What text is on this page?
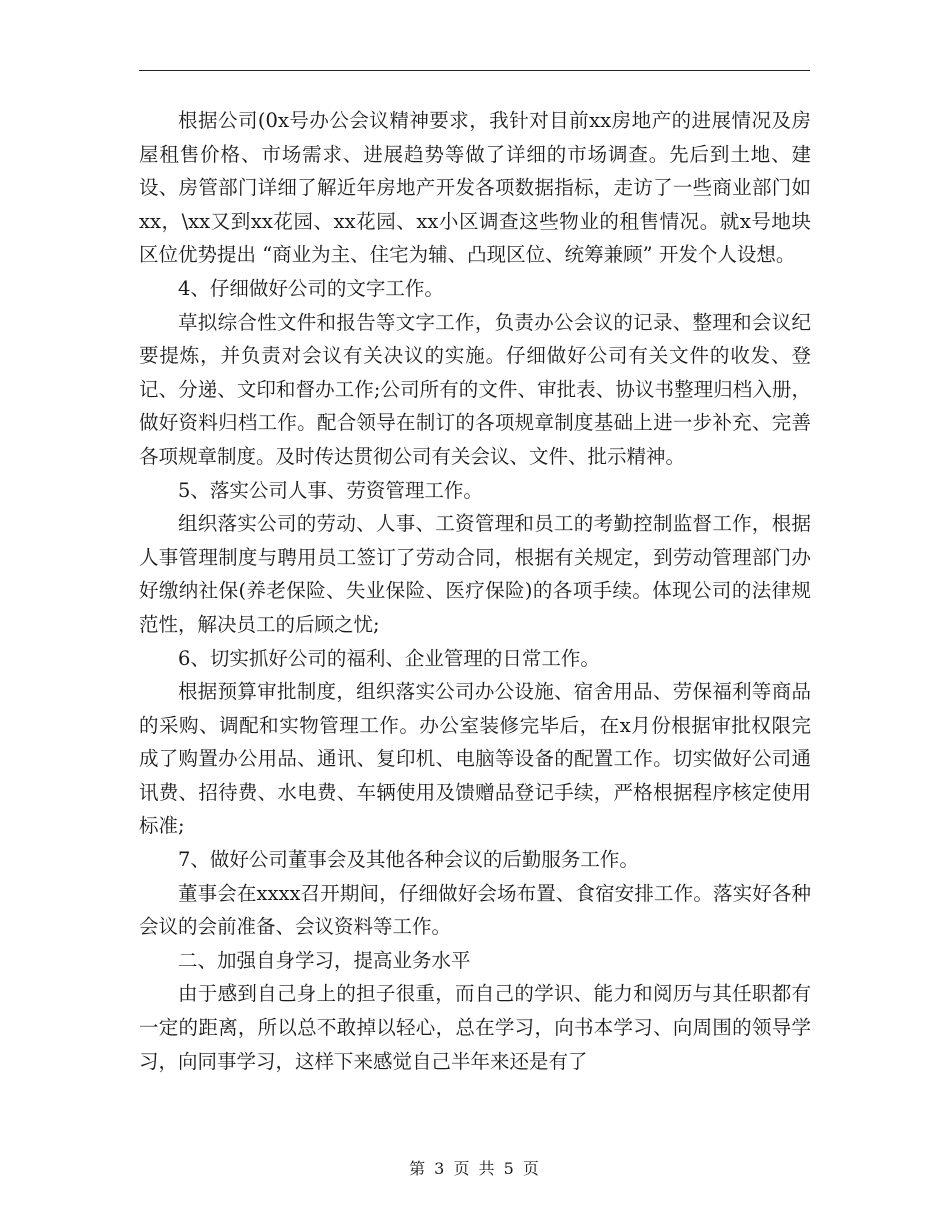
根据公司(0x号办公会议精神要求，我针对目前xx房地产的进展情况及房屋租售价格、市场需求、进展趋势等做了详细的市场调查。先后到土地、建设、房管部门详细了解近年房地产开发各项数据指标，走访了一些商业部门如xx，\xx又到xx花园、xx花园、xx小区调查这些物业的租售情况。就x号地块区位优势提出 “商业为主、住宅为辅、凸现区位、统筹兼顾” 开发个人设想。

4、仔细做好公司的文字工作。

草拟综合性文件和报告等文字工作，负责办公会议的记录、整理和会议纪要提炼，并负责对会议有关决议的实施。仔细做好公司有关文件的收发、登记、分递、文印和督办工作;公司所有的文件、审批表、协议书整理归档入册，做好资料归档工作。配合领导在制订的各项规章制度基础上进一步补充、完善各项规章制度。及时传达贯彻公司有关会议、文件、批示精神。

5、落实公司人事、劳资管理工作。

组织落实公司的劳动、人事、工资管理和员工的考勤控制监督工作，根据人事管理制度与聘用员工签订了劳动合同，根据有关规定，到劳动管理部门办好缴纳社保(养老保险、失业保险、医疗保险)的各项手续。体现公司的法律规范性，解决员工的后顾之忧;

6、切实抓好公司的福利、企业管理的日常工作。

根据预算审批制度，组织落实公司办公设施、宿舍用品、劳保福利等商品的采购、调配和实物管理工作。办公室装修完毕后，在x月份根据审批权限完成了购置办公用品、通讯、复印机、电脑等设备的配置工作。切实做好公司通讯费、招待费、水电费、车辆使用及馈赠品登记手续，严格根据程序核定使用标准;

7、做好公司董事会及其他各种会议的后勤服务工作。

董事会在xxxx召开期间，仔细做好会场布置、食宿安排工作。落实好各种会议的会前准备、会议资料等工作。

二、加强自身学习，提高业务水平

由于感到自己身上的担子很重，而自己的学识、能力和阅历与其任职都有一定的距离，所以总不敢掉以轻心，总在学习，向书本学习、向周围的领导学习，向同事学习，这样下来感觉自己半年来还是有了

第 3 页 共 5 页
